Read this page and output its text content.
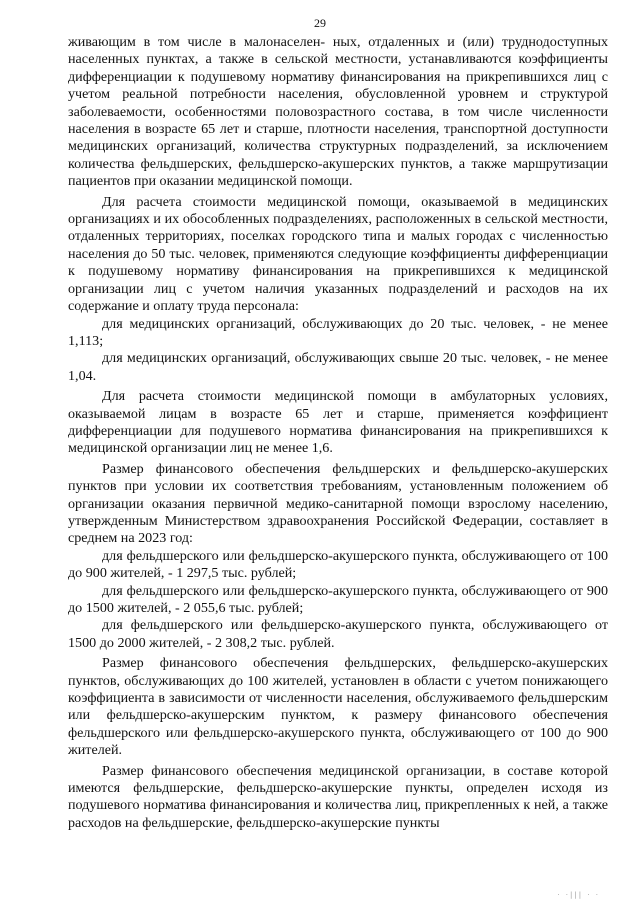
29

живающим в том числе в малонаселен- ных, отдаленных и (или) труднодоступных населенных пунктах, а также в сельской местности, устанавливаются коэффициенты дифференциации к подушевому нормативу финансирования на прикрепившихся лиц с учетом реальной потребности населения, обусловленной уровнем и структурой заболеваемости, особенностями половозрастного состава, в том числе численности населения в возрасте 65 лет и старше, плотности населения, транспортной доступности медицинских организаций, количества структурных подразделений, за исключением количества фельдшерских, фельдшерско-акушерских пунктов, а также маршрутизации пациентов при оказании медицинской помощи.

Для расчета стоимости медицинской помощи, оказываемой в медицинских организациях и их обособленных подразделениях, расположенных в сельской местности, отдаленных территориях, поселках городского типа и малых городах с численностью населения до 50 тыс. человек, применяются следующие коэффициенты дифференциации к подушевому нормативу финансирования на прикрепившихся к медицинской организации лиц с учетом наличия указанных подразделений и расходов на их содержание и оплату труда персонала:

для медицинских организаций, обслуживающих до 20 тыс. человек, - не менее 1,113;

для медицинских организаций, обслуживающих свыше 20 тыс. человек, - не менее 1,04.

Для расчета стоимости медицинской помощи в амбулаторных условиях, оказываемой лицам в возрасте 65 лет и старше, применяется коэффициент дифференциации для подушевого норматива финансирования на прикрепившихся к медицинской организации лиц не менее 1,6.

Размер финансового обеспечения фельдшерских и фельдшерско-акушерских пунктов при условии их соответствия требованиям, установленным положением об организации оказания первичной медико-санитарной помощи взрослому населению, утвержденным Министерством здравоохранения Российской Федерации, составляет в среднем на 2023 год:

для фельдшерского или фельдшерско-акушерского пункта, обслуживающего от 100 до 900 жителей, - 1 297,5 тыс. рублей;

для фельдшерского или фельдшерско-акушерского пункта, обслуживающего от 900 до 1500 жителей, - 2 055,6 тыс. рублей;

для фельдшерского или фельдшерско-акушерского пункта, обслуживающего от 1500 до 2000 жителей, - 2 308,2 тыс. рублей.

Размер финансового обеспечения фельдшерских, фельдшерско-акушерских пунктов, обслуживающих до 100 жителей, установлен в области с учетом понижающего коэффициента в зависимости от численности населения, обслуживаемого фельдшерским или фельдшерско-акушерским пунктом, к размеру финансового обеспечения фельдшерского или фельдшерско-акушерского пункта, обслуживающего от 100 до 900 жителей.

Размер финансового обеспечения медицинской организации, в составе которой имеются фельдшерские, фельдшерско-акушерские пункты, определен исходя из подушевого норматива финансирования и количества лиц, прикрепленных к ней, а также расходов на фельдшерские, фельдшерско-акушерские пункты

· ·||| · ·
